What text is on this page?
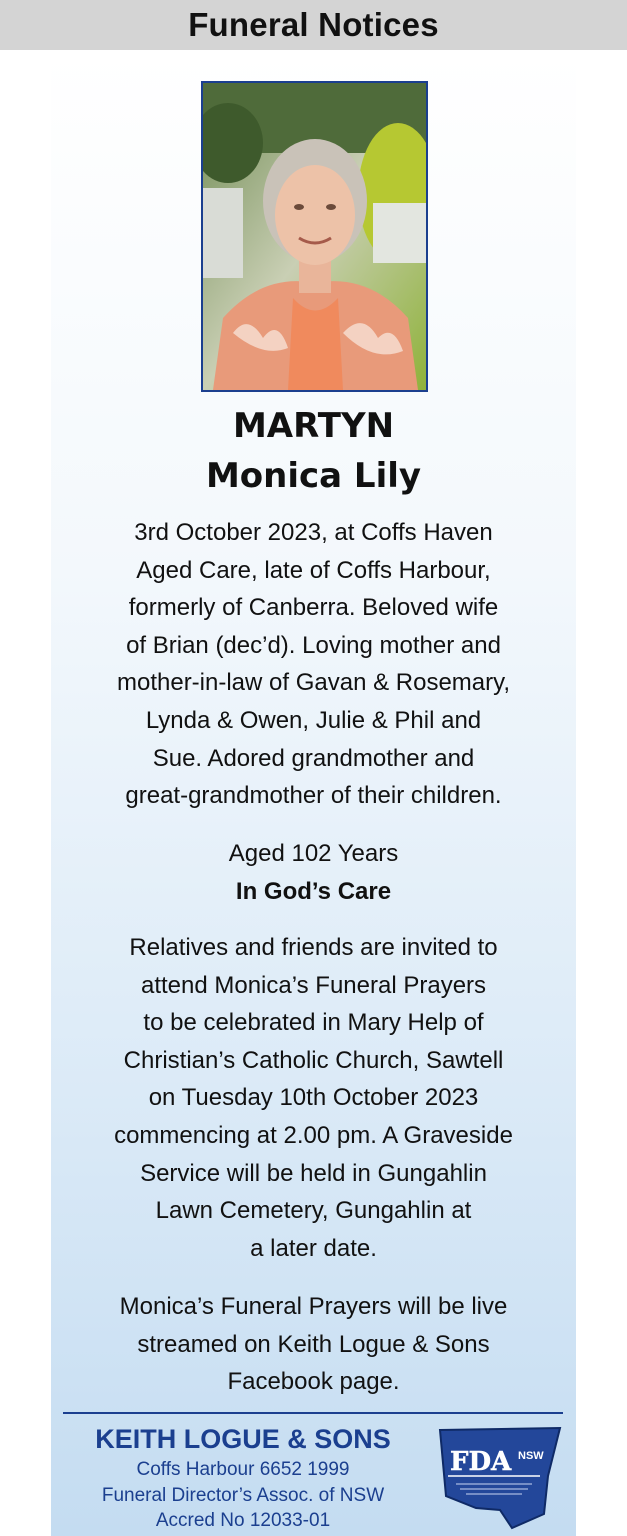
Funeral Notices
MARTYN
Monica Lily
3rd October 2023, at Coffs Haven
Aged Care, late of Coffs Harbour,
formerly of Canberra. Beloved wife
of Brian (dec’d). Loving mother and
mother-in-law of Gavan & Rosemary,
Lynda & Owen, Julie & Phil and
Sue. Adored grandmother and
great-grandmother of their children.
Aged 102 Years
In God’s Care
Relatives and friends are invited to
attend Monica’s Funeral Prayers
to be celebrated in Mary Help of
Christian’s Catholic Church, Sawtell
on Tuesday 10th October 2023
commencing at 2.00 pm. A Graveside
Service will be held in Gungahlin
Lawn Cemetery, Gungahlin at
a later date.
Monica’s Funeral Prayers will be live
streamed on Keith Logue & Sons
Facebook page.
KEITH LOGUE & SONS
Coffs Harbour 6652 1999
Funeral Director’s Assoc. of NSW
Accred No 12033-01
FDA NSW
